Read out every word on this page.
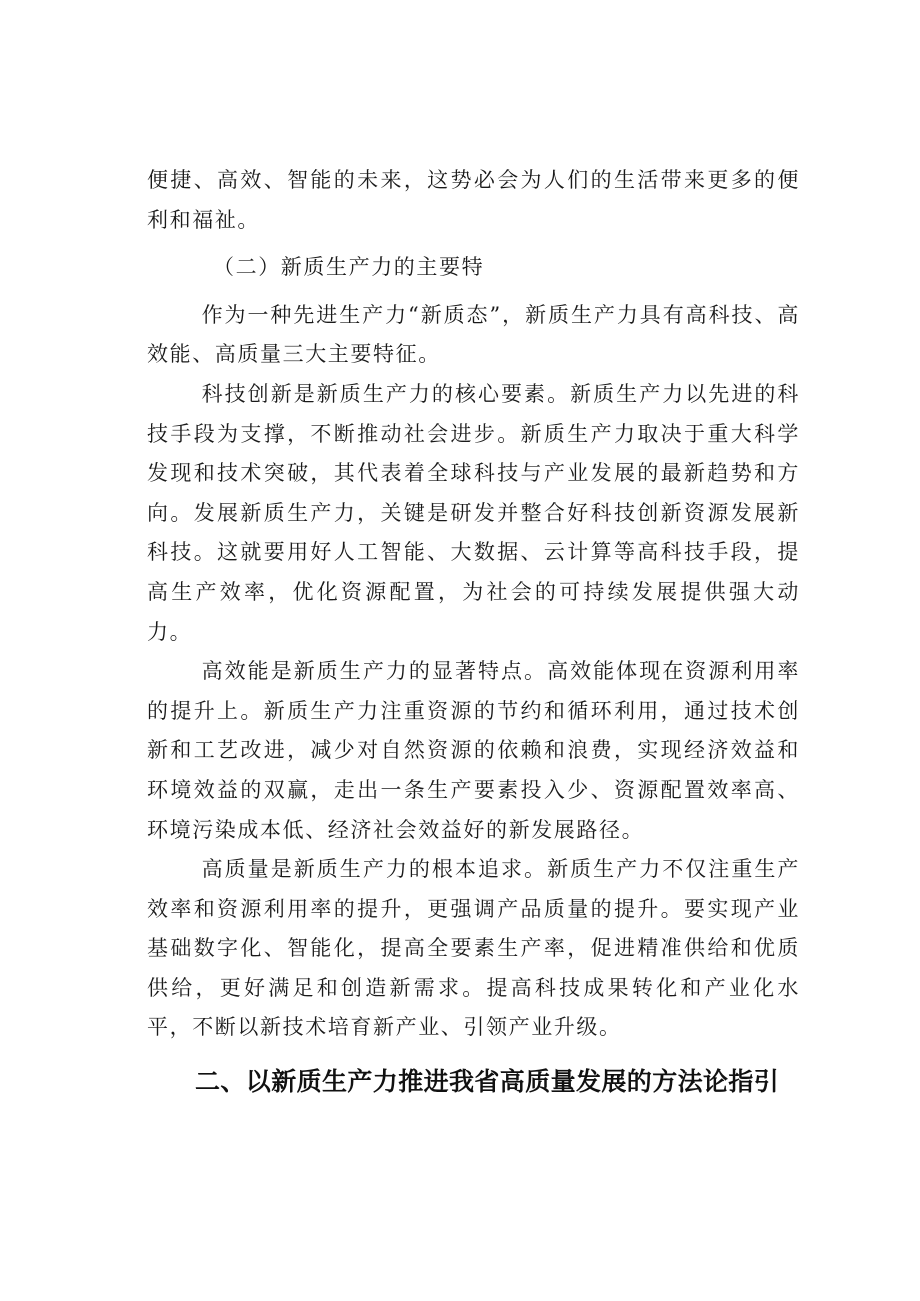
便捷、高效、智能的未来，这势必会为人们的生活带来更多的便利和福祉。

（二）新质生产力的主要特

作为一种先进生产力“新质态”，新质生产力具有高科技、高效能、高质量三大主要特征。

科技创新是新质生产力的核心要素。新质生产力以先进的科技手段为支撑，不断推动社会进步。新质生产力取决于重大科学发现和技术突破，其代表着全球科技与产业发展的最新趋势和方向。发展新质生产力，关键是研发并整合好科技创新资源发展新科技。这就要用好人工智能、大数据、云计算等高科技手段，提高生产效率，优化资源配置，为社会的可持续发展提供强大动力。

高效能是新质生产力的显著特点。高效能体现在资源利用率的提升上。新质生产力注重资源的节约和循环利用，通过技术创新和工艺改进，减少对自然资源的依赖和浪费，实现经济效益和环境效益的双赢，走出一条生产要素投入少、资源配置效率高、环境污染成本低、经济社会效益好的新发展路径。

高质量是新质生产力的根本追求。新质生产力不仅注重生产效率和资源利用率的提升，更强调产品质量的提升。要实现产业基础数字化、智能化，提高全要素生产率，促进精准供给和优质供给，更好满足和创造新需求。提高科技成果转化和产业化水平，不断以新技术培育新产业、引领产业升级。

二、以新质生产力推进我省高质量发展的方法论指引
